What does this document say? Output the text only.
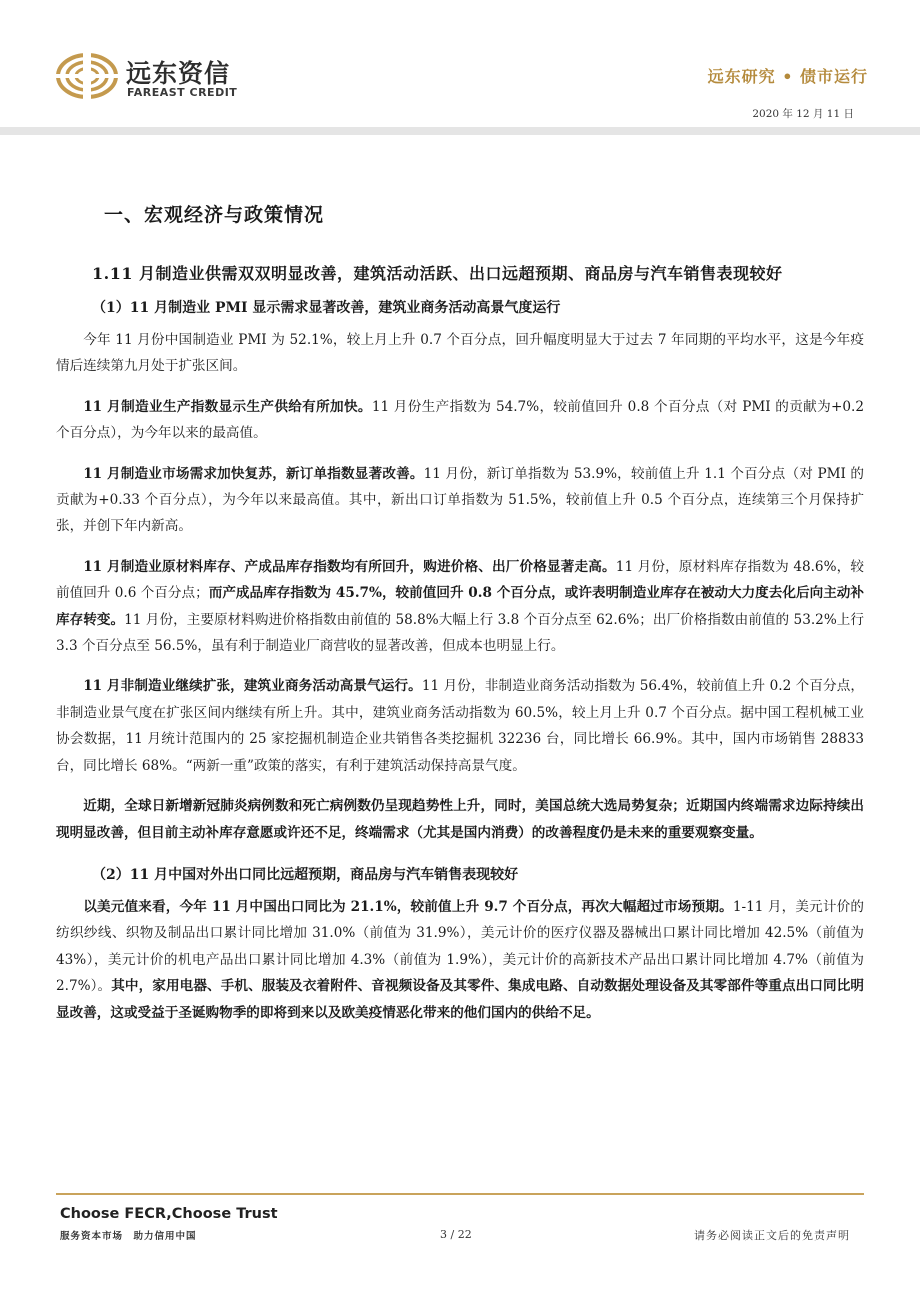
远东资信
FAREAST CREDIT
远东研究 • 债市运行
2020 年 12 月 11 日
一、宏观经济与政策情况
1.11 月制造业供需双双明显改善，建筑活动活跃、出口远超预期、商品房与汽车销售表现较好
（1）11 月制造业 PMI 显示需求显著改善，建筑业商务活动高景气度运行

今年 11 月份中国制造业 PMI 为 52.1%，较上月上升 0.7 个百分点，回升幅度明显大于过去 7 年同期的平均水平，这是今年疫情后连续第九月处于扩张区间。

11 月制造业生产指数显示生产供给有所加快。11 月份生产指数为 54.7%，较前值回升 0.8 个百分点（对 PMI 的贡献为+0.2 个百分点），为今年以来的最高值。

11 月制造业市场需求加快复苏，新订单指数显著改善。11 月份，新订单指数为 53.9%，较前值上升 1.1 个百分点（对 PMI 的贡献为+0.33 个百分点），为今年以来最高值。其中，新出口订单指数为 51.5%，较前值上升 0.5 个百分点，连续第三个月保持扩张，并创下年内新高。

11 月制造业原材料库存、产成品库存指数均有所回升，购进价格、出厂价格显著走高。11 月份，原材料库存指数为 48.6%，较前值回升 0.6 个百分点；而产成品库存指数为 45.7%，较前值回升 0.8 个百分点，或许表明制造业库存在被动大力度去化后向主动补库存转变。11 月份，主要原材料购进价格指数由前值的 58.8%大幅上行 3.8 个百分点至 62.6%；出厂价格指数由前值的 53.2%上行 3.3 个百分点至 56.5%，虽有利于制造业厂商营收的显著改善，但成本也明显上行。

11 月非制造业继续扩张，建筑业商务活动高景气运行。11 月份，非制造业商务活动指数为 56.4%，较前值上升 0.2 个百分点，非制造业景气度在扩张区间内继续有所上升。其中，建筑业商务活动指数为 60.5%，较上月上升 0.7 个百分点。据中国工程机械工业协会数据，11 月统计范围内的 25 家挖掘机制造企业共销售各类挖掘机 32236 台，同比增长 66.9%。其中，国内市场销售 28833 台，同比增长 68%。“两新一重”政策的落实，有利于建筑活动保持高景气度。

近期，全球日新增新冠肺炎病例数和死亡病例数仍呈现趋势性上升，同时，美国总统大选局势复杂；近期国内终端需求边际持续出现明显改善，但目前主动补库存意愿或许还不足，终端需求（尤其是国内消费）的改善程度仍是未来的重要观察变量。

（2）11 月中国对外出口同比远超预期，商品房与汽车销售表现较好

以美元值来看，今年 11 月中国出口同比为 21.1%，较前值上升 9.7 个百分点，再次大幅超过市场预期。1-11 月，美元计价的纺织纱线、织物及制品出口累计同比增加 31.0%（前值为 31.9%），美元计价的医疗仪器及器械出口累计同比增加 42.5%（前值为 43%），美元计价的机电产品出口累计同比增加 4.3%（前值为 1.9%），美元计价的高新技术产品出口累计同比增加 4.7%（前值为 2.7%）。其中，家用电器、手机、服装及衣着附件、音视频设备及其零件、集成电路、自动数据处理设备及其零部件等重点出口同比明显改善，这或受益于圣诞购物季的即将到来以及欧美疫情恶化带来的他们国内的供给不足。

Choose FECR,Choose Trust
服务资本市场　助力信用中国	3 / 22	请务必阅读正文后的免责声明
